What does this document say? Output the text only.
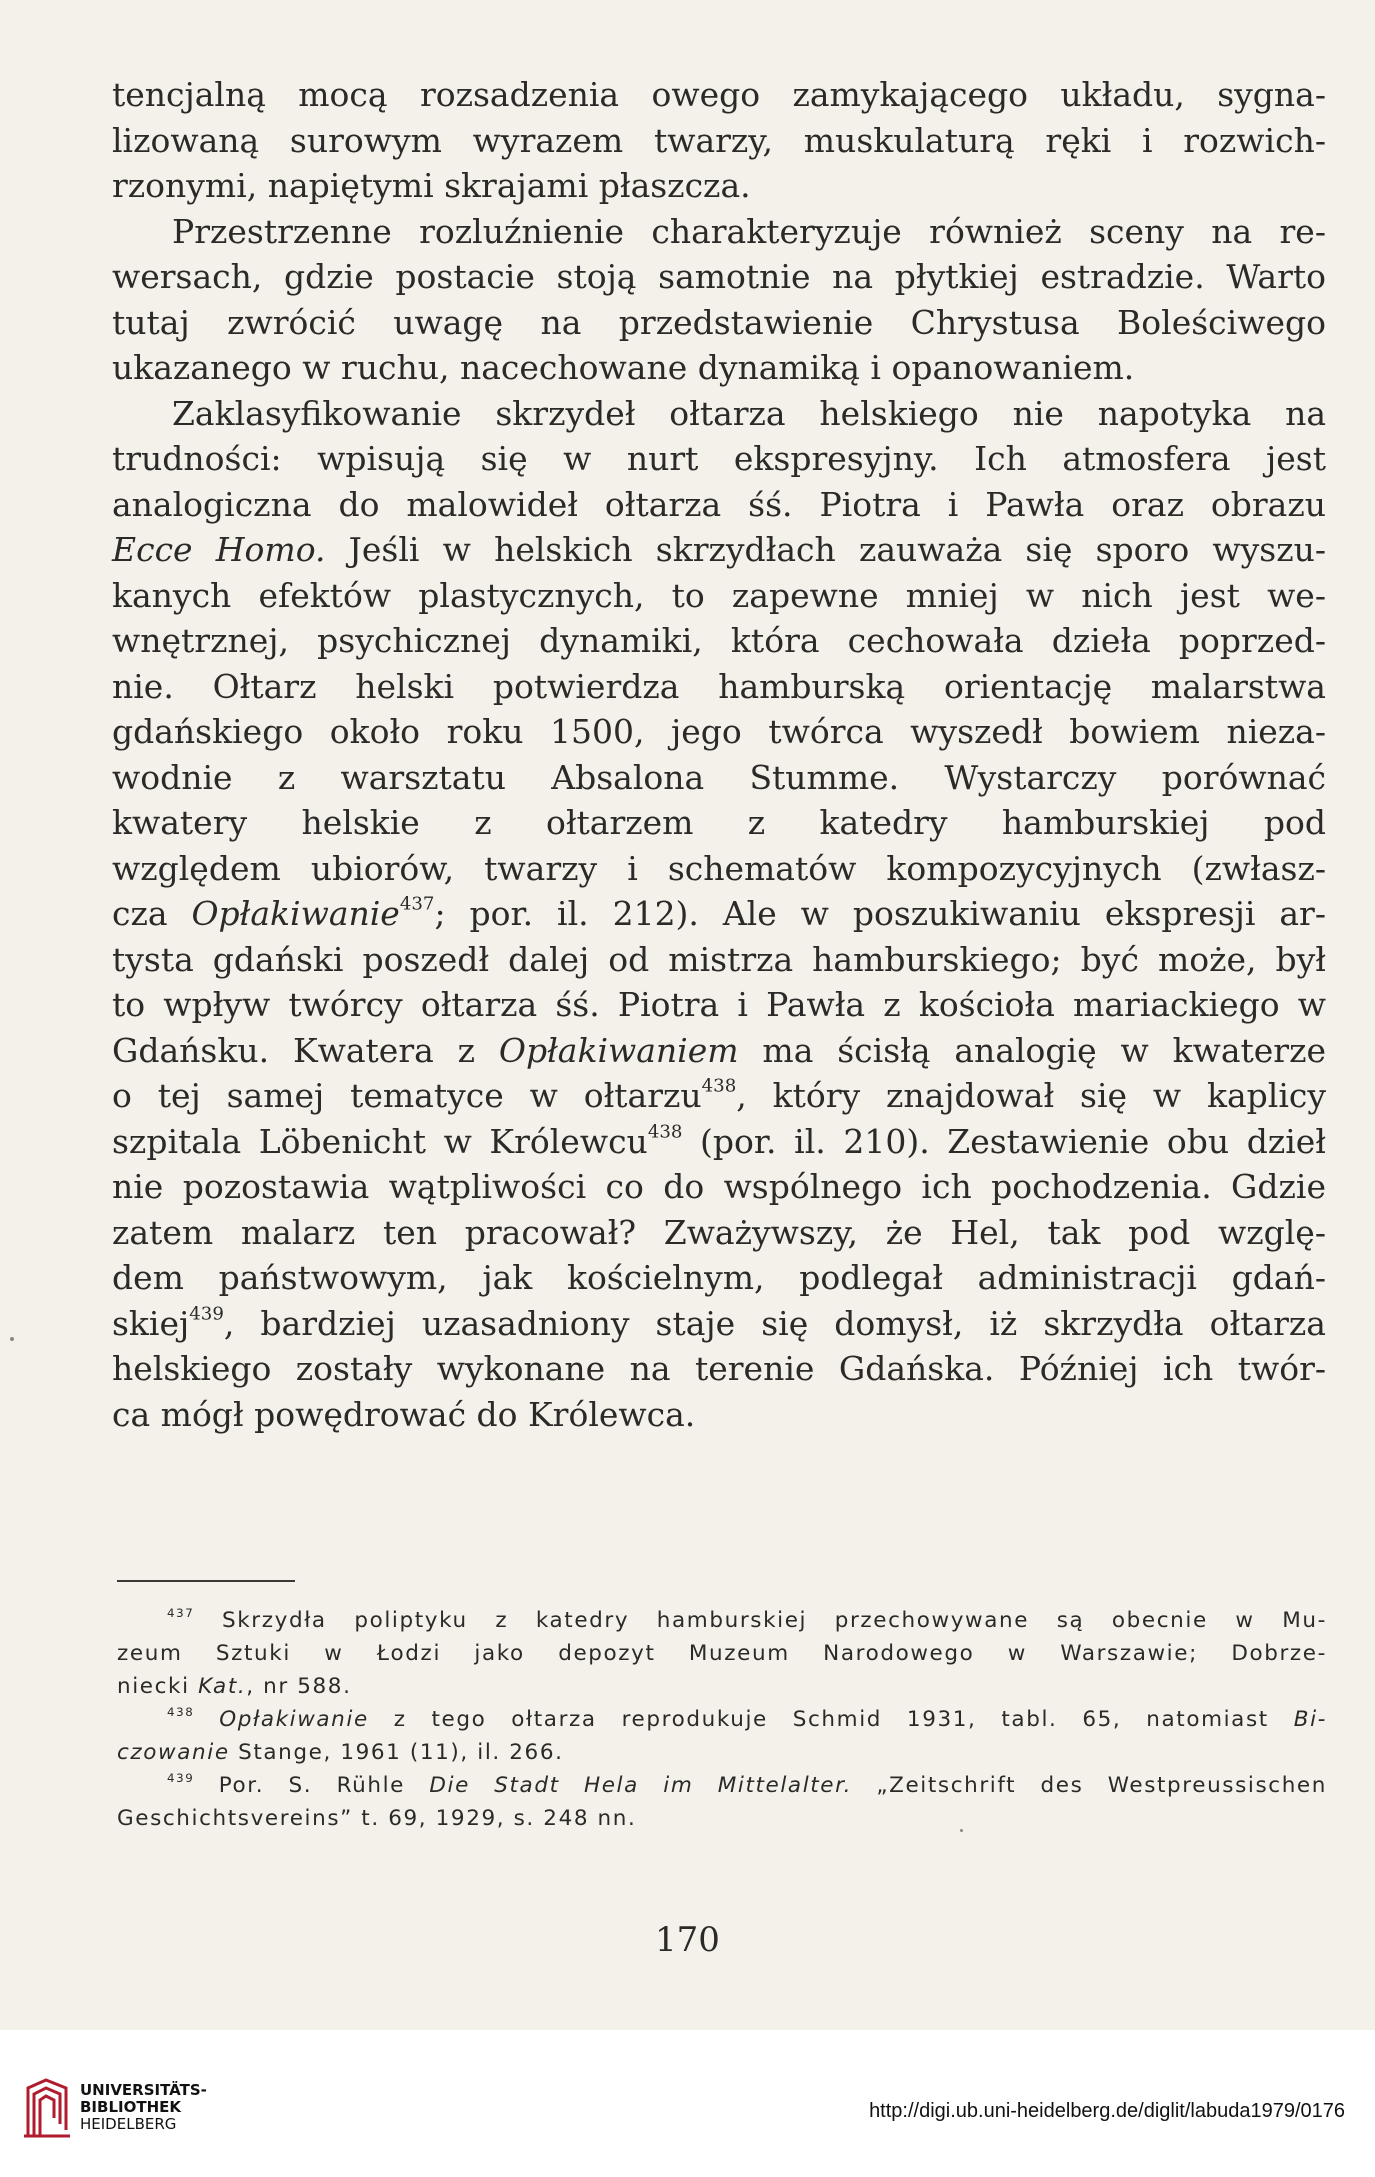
tencjalną mocą rozsadzenia owego zamykającego układu, sygna-

lizowaną surowym wyrazem twarzy, muskulaturą ręki i rozwich-

rzonymi, napiętymi skrajami płaszcza.

Przestrzenne rozluźnienie charakteryzuje również sceny na re-

wersach, gdzie postacie stoją samotnie na płytkiej estradzie. Warto

tutaj zwrócić uwagę na przedstawienie Chrystusa Boleściwego

ukazanego w ruchu, nacechowane dynamiką i opanowaniem.

Zaklasyfikowanie skrzydeł ołtarza helskiego nie napotyka na

trudności: wpisują się w nurt ekspresyjny. Ich atmosfera jest

analogiczna do malowideł ołtarza śś. Piotra i Pawła oraz obrazu

Ecce Homo. Jeśli w helskich skrzydłach zauważa się sporo wyszu-

kanych efektów plastycznych, to zapewne mniej w nich jest we-

wnętrznej, psychicznej dynamiki, która cechowała dzieła poprzed-

nie. Ołtarz helski potwierdza hamburską orientację malarstwa

gdańskiego około roku 1500, jego twórca wyszedł bowiem nieza-

wodnie z warsztatu Absalona Stumme. Wystarczy porównać

kwatery helskie z ołtarzem z katedry hamburskiej pod

względem ubiorów, twarzy i schematów kompozycyjnych (zwłasz-

cza Opłakiwanie$^{437}$; por. il. 212). Ale w poszukiwaniu ekspresji ar-

tysta gdański poszedł dalej od mistrza hamburskiego; być może, był

to wpływ twórcy ołtarza śś. Piotra i Pawła z kościoła mariackiego w

Gdańsku. Kwatera z Opłakiwaniem ma ścisłą analogię w kwaterze

o tej samej tematyce w ołtarzu$^{438}$, który znajdował się w kaplicy

szpitala Löbenicht w Królewcu$^{438}$ (por. il. 210). Zestawienie obu dzieł

nie pozostawia wątpliwości co do wspólnego ich pochodzenia. Gdzie

zatem malarz ten pracował? Zważywszy, że Hel, tak pod wzglę-

dem państwowym, jak kościelnym, podlegał administracji gdań-

skiej$^{439}$, bardziej uzasadniony staje się domysł, iż skrzydła ołtarza

helskiego zostały wykonane na terenie Gdańska. Później ich twór-

ca mógł powędrować do Królewca.

$^{437}$ Skrzydła poliptyku z katedry hamburskiej przechowywane są obecnie w Mu-

zeum Sztuki w Łodzi jako depozyt Muzeum Narodowego w Warszawie; Dobrze-

niecki Kat., nr 588.

$^{438}$ Opłakiwanie z tego ołtarza reprodukuje Schmid 1931, tabl. 65, natomiast Bi-

czowanie Stange, 1961 (11), il. 266.

$^{439}$ Por. S. Rühle Die Stadt Hela im Mittelalter. „Zeitschrift des Westpreussischen

Geschichtsvereins” t. 69, 1929, s. 248 nn.

170
UNIVERSITÄTS-
BIBLIOTHEK
HEIDELBERG
http://digi.ub.uni-heidelberg.de/diglit/labuda1979/0176
